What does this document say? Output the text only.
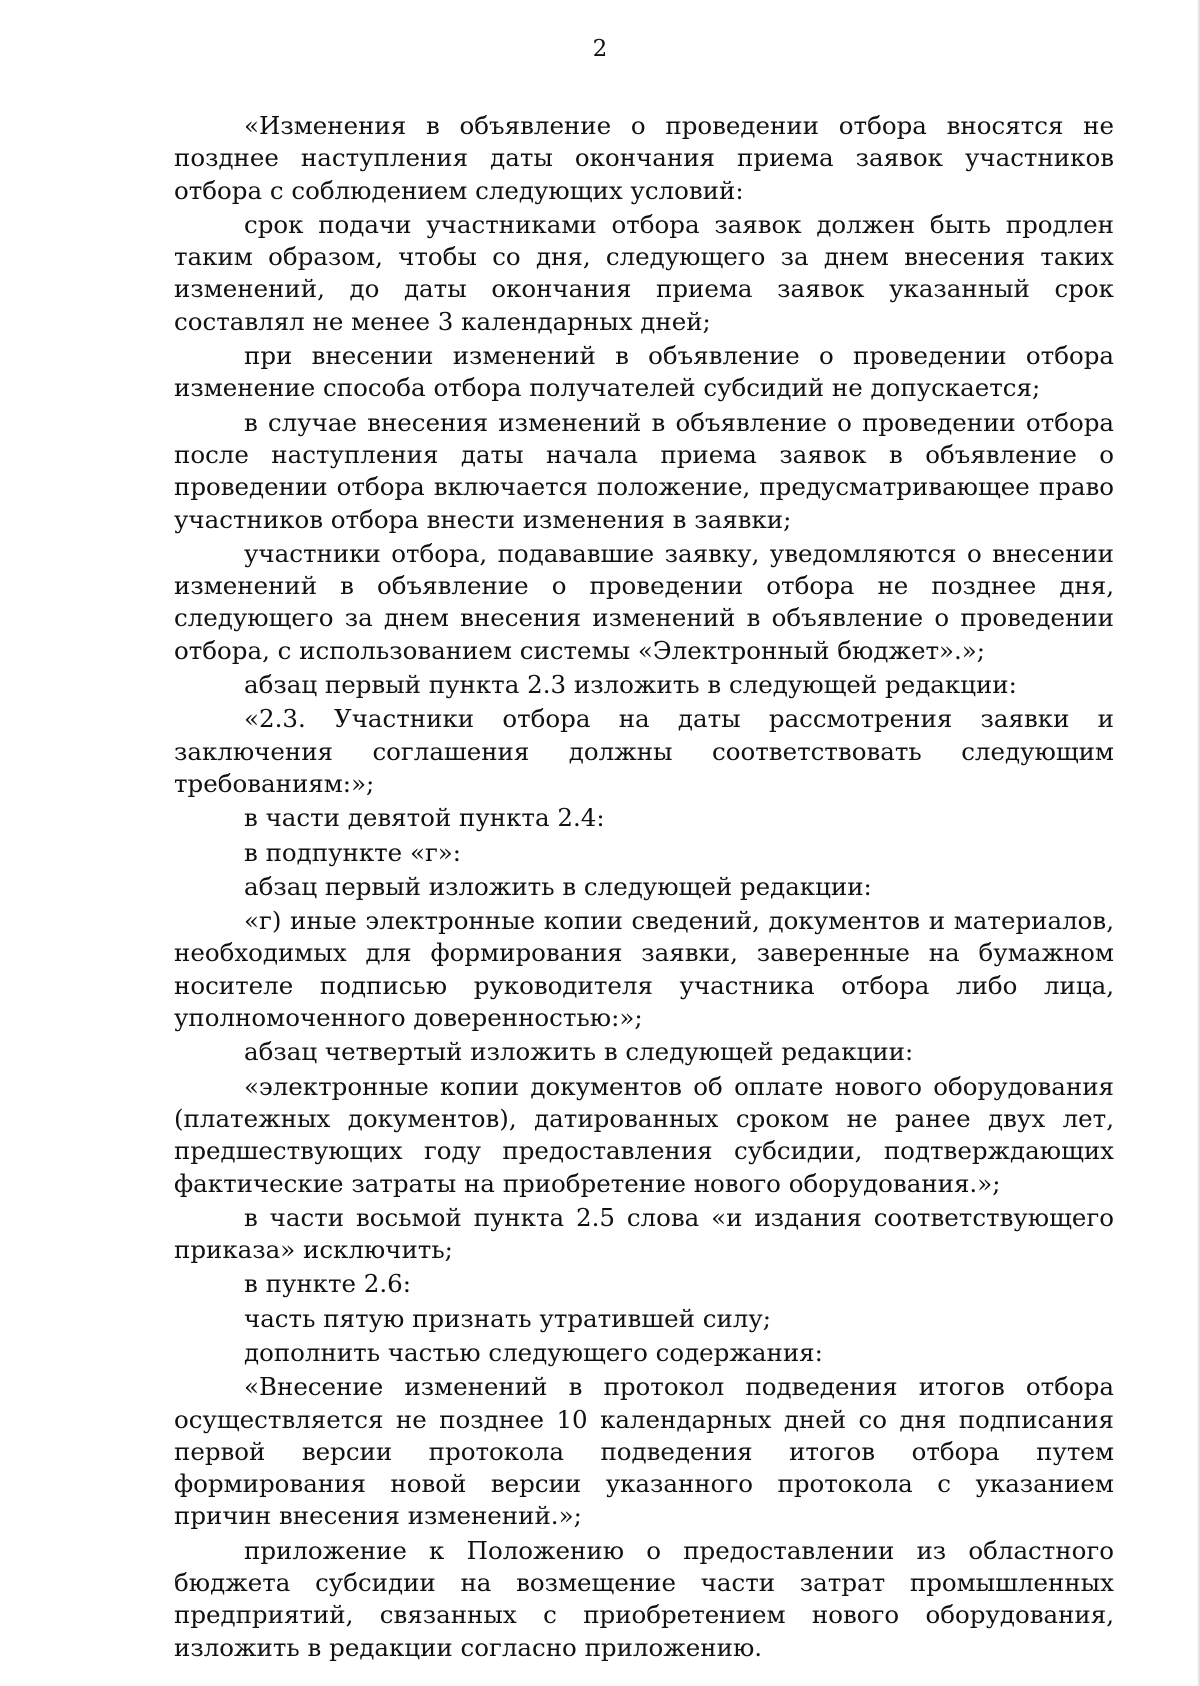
2

«Изменения в объявление о проведении отбора вносятся не позднее наступления даты окончания приема заявок участников отбора с соблюдением следующих условий:

срок подачи участниками отбора заявок должен быть продлен таким образом, чтобы со дня, следующего за днем внесения таких изменений, до даты окончания приема заявок указанный срок составлял не менее 3 календарных дней;

при внесении изменений в объявление о проведении отбора изменение способа отбора получателей субсидий не допускается;

в случае внесения изменений в объявление о проведении отбора после наступления даты начала приема заявок в объявление о проведении отбора включается положение, предусматривающее право участников отбора внести изменения в заявки;

участники отбора, подававшие заявку, уведомляются о внесении изменений в объявление о проведении отбора не позднее дня, следующего за днем внесения изменений в объявление о проведении отбора, с использованием системы «Электронный бюджет».»;

абзац первый пункта 2.3 изложить в следующей редакции:

«2.3. Участники отбора на даты рассмотрения заявки и заключения соглашения должны соответствовать следующим требованиям:»;

в части девятой пункта 2.4:

в подпункте «г»:

абзац первый изложить в следующей редакции:

«г) иные электронные копии сведений, документов и материалов, необходимых для формирования заявки, заверенные на бумажном носителе подписью руководителя участника отбора либо лица, уполномоченного доверенностью:»;

абзац четвертый изложить в следующей редакции:

«электронные копии документов об оплате нового оборудования (платежных документов), датированных сроком не ранее двух лет, предшествующих году предоставления субсидии, подтверждающих фактические затраты на приобретение нового оборудования.»;

в части восьмой пункта 2.5 слова «и издания соответствующего приказа» исключить;

в пункте 2.6:

часть пятую признать утратившей силу;

дополнить частью следующего содержания:

«Внесение изменений в протокол подведения итогов отбора осуществляется не позднее 10 календарных дней со дня подписания первой версии протокола подведения итогов отбора путем формирования новой версии указанного протокола с указанием причин внесения изменений.»;

приложение к Положению о предоставлении из областного бюджета субсидии на возмещение части затрат промышленных предприятий, связанных с приобретением нового оборудования, изложить в редакции согласно приложению.
